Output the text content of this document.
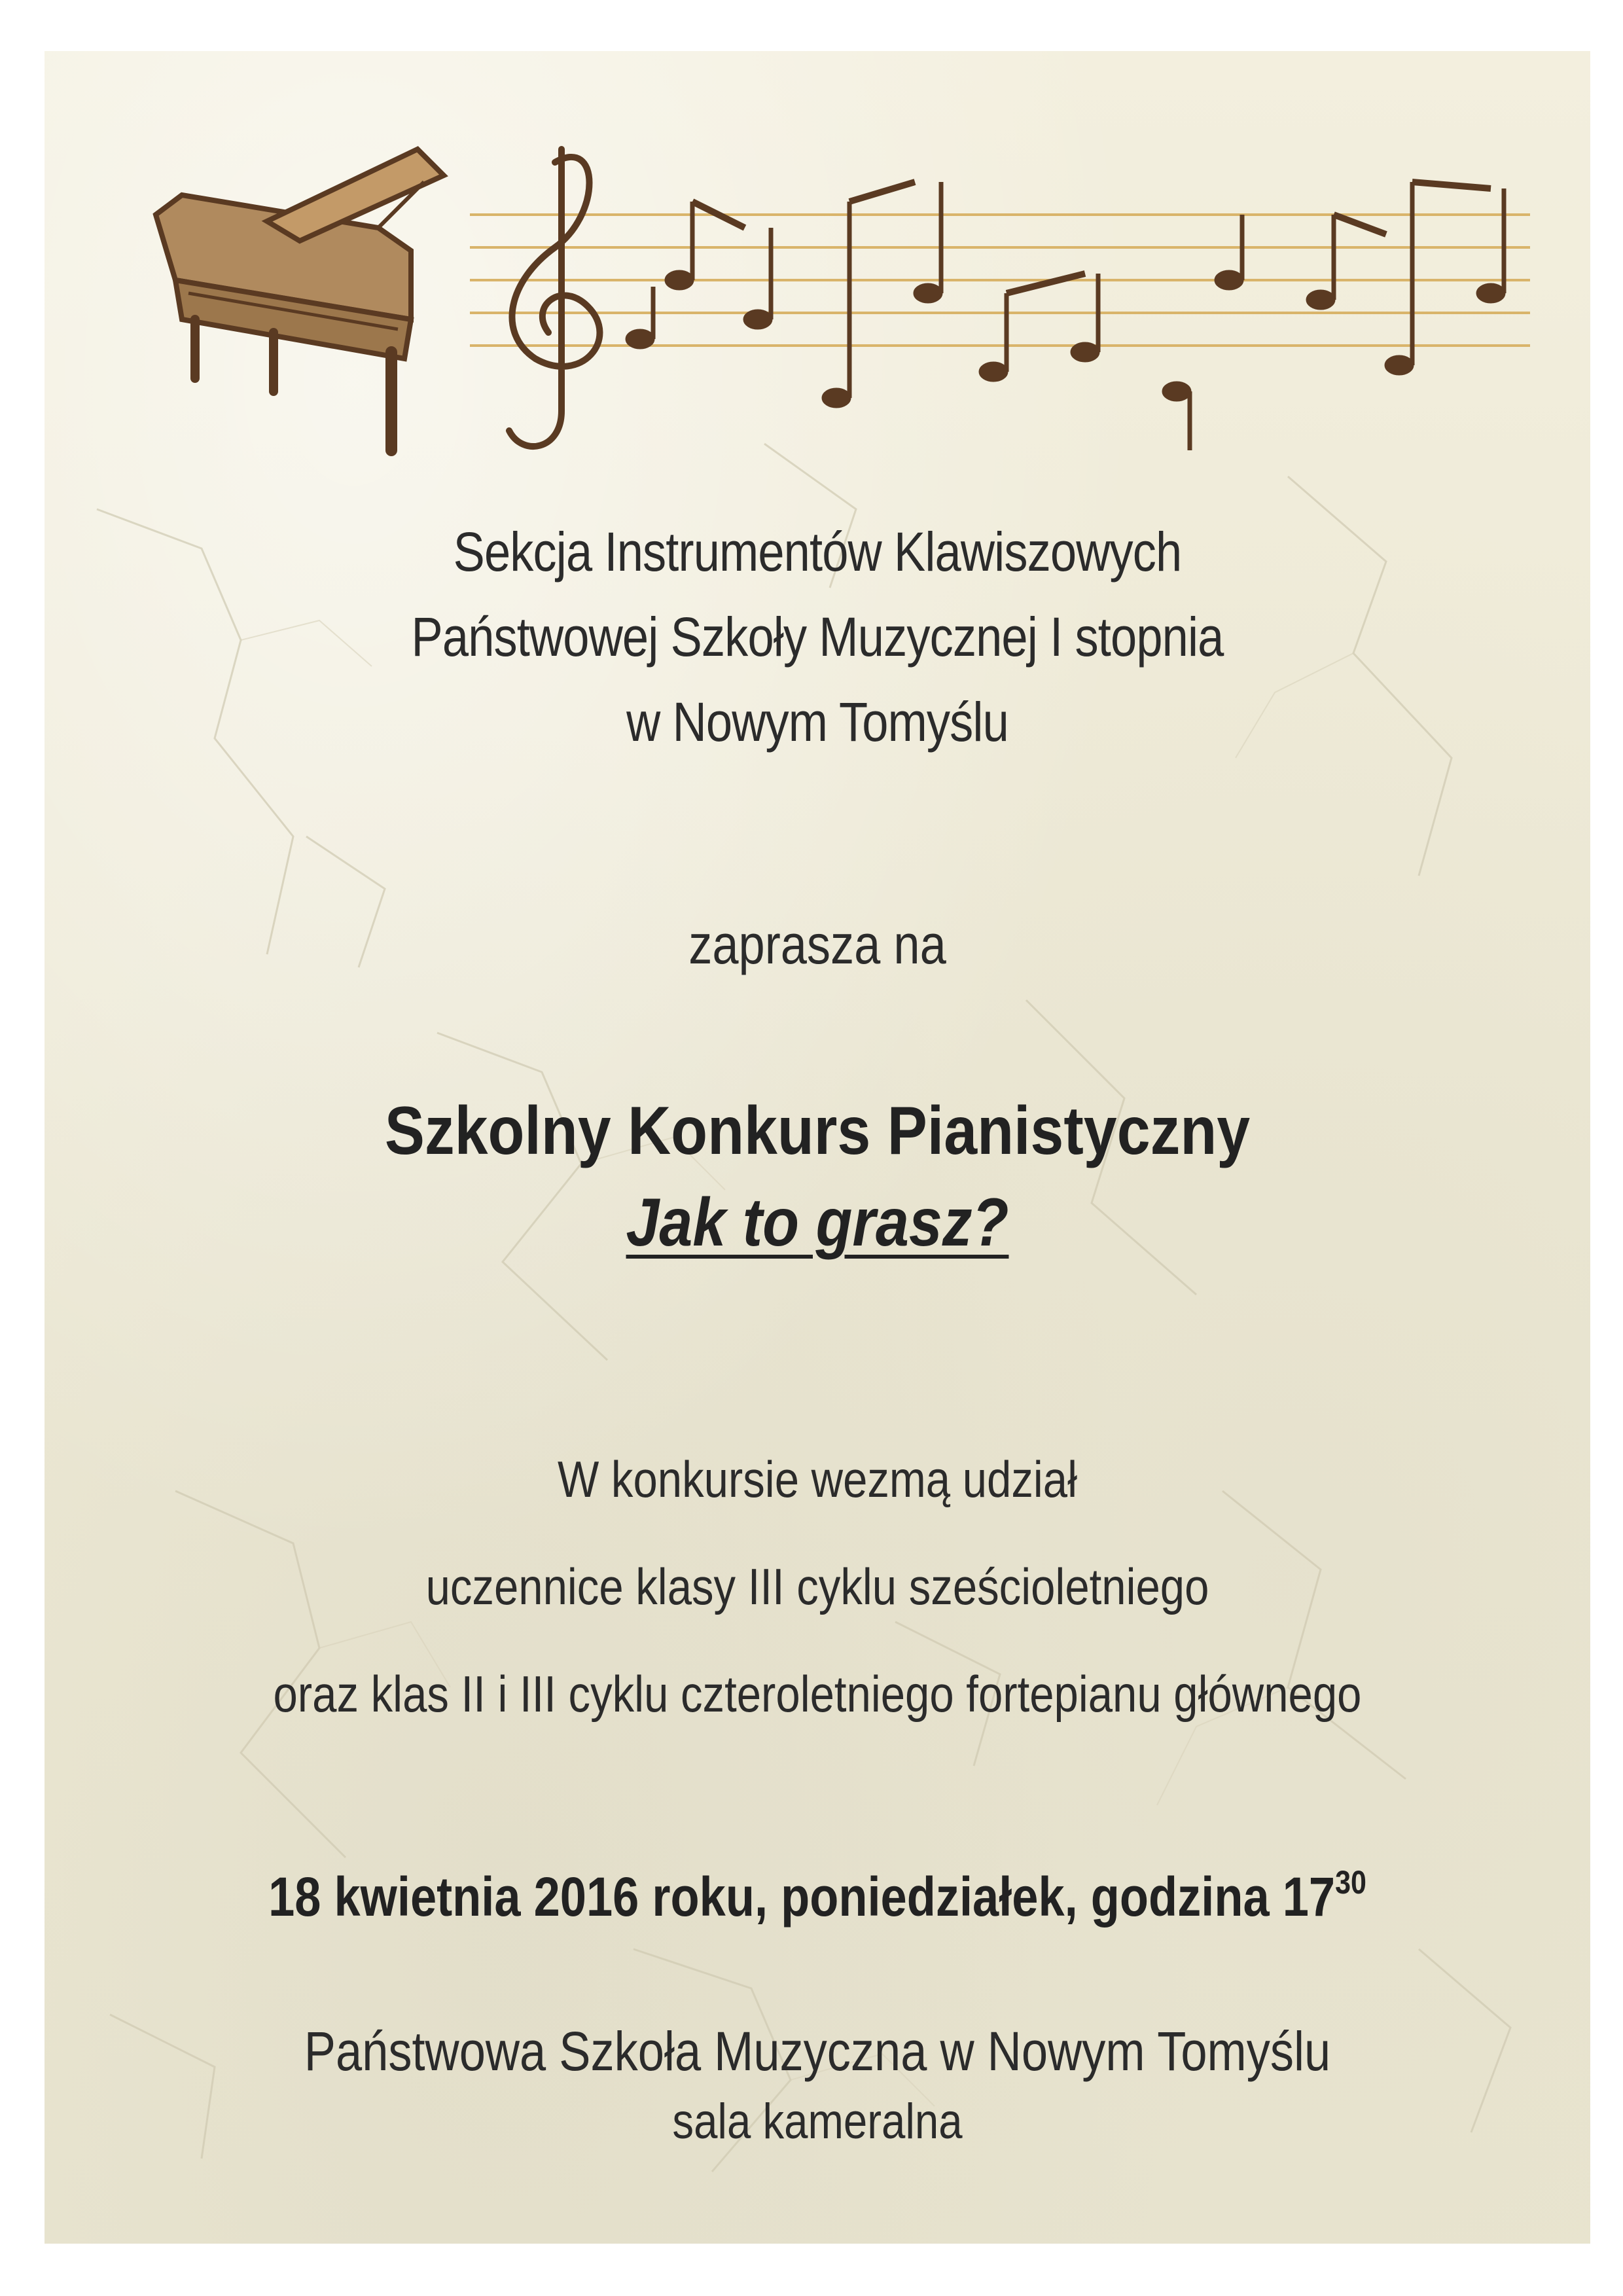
Sekcja Instrumentów Klawiszowych
Państwowej Szkoły Muzycznej I stopnia
w Nowym Tomyślu
zaprasza na
Szkolny Konkurs Pianistyczny
Jak to grasz?
W konkursie wezmą udział
uczennice klasy III cyklu sześcioletniego
oraz klas II i III cyklu czteroletniego fortepianu głównego
18 kwietnia 2016 roku, poniedziałek, godzina $17^{30}$
Państwowa Szkoła Muzyczna w Nowym Tomyślu
sala kameralna
